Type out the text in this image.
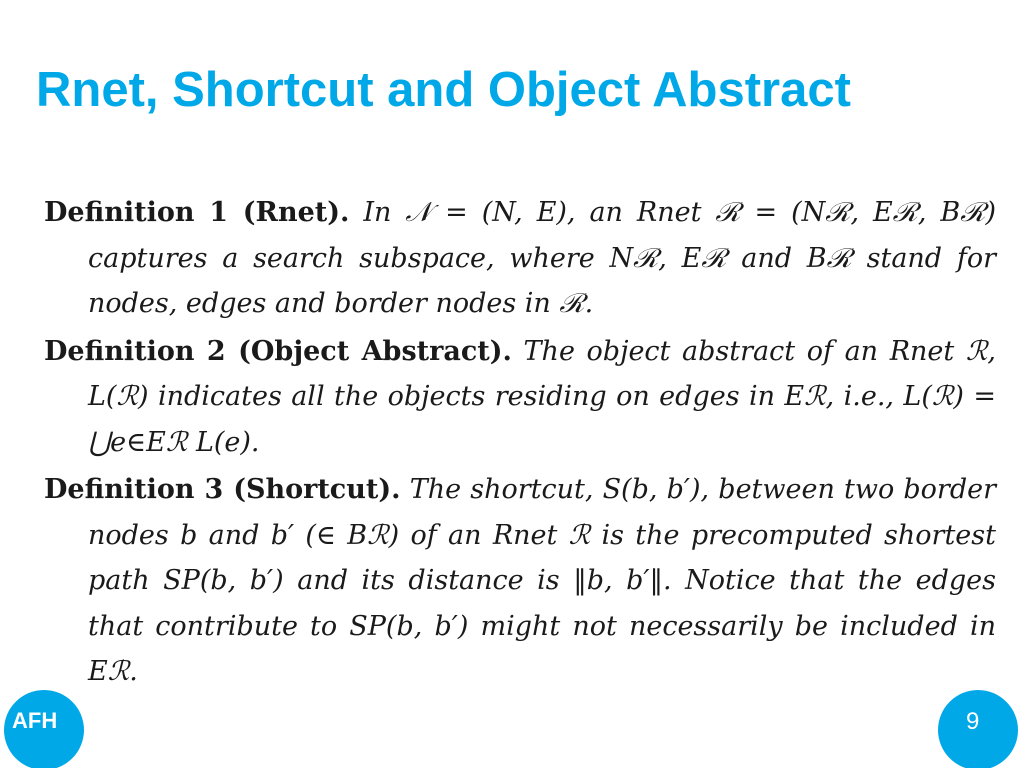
Rnet, Shortcut and Object Abstract
Definition 1 (Rnet). In 𝒩 = (N, E), an Rnet ℛ = (Nℛ, Eℛ, Bℛ) captures a search subspace, where Nℛ, Eℛ and Bℛ stand for nodes, edges and border nodes in ℛ.
Definition 2 (Object Abstract). The object abstract of an Rnet ℛ, L(ℛ) indicates all the objects residing on edges in Eℛ, i.e., L(ℛ) = ⋃e∈Eℛ L(e).
Definition 3 (Shortcut). The shortcut, S(b, b′), between two border nodes b and b′ (∈ Bℛ) of an Rnet ℛ is the precomputed shortest path SP(b, b′) and its distance is ‖b, b′‖. Notice that the edges that contribute to SP(b, b′) might not necessarily be included in Eℛ.
AFH	9
